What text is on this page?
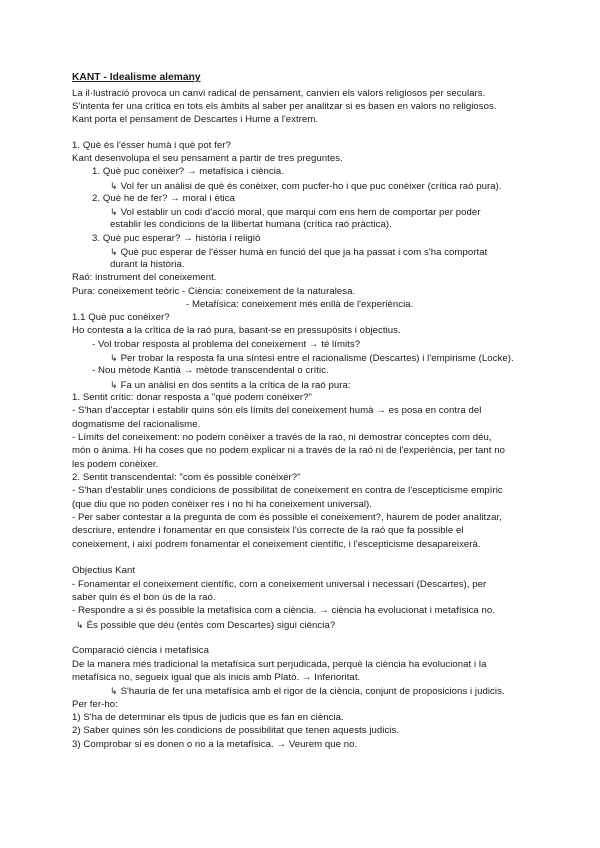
KANT - Idealisme alemany
La il·lustració provoca un canvi radical de pensament, canvien els valors religiosos per seculars.
S'intenta fer una crítica en tots els àmbits al saber per analitzar si es basen en valors no religiosos.
Kant porta el pensament de Descartes i Hume a l'extrem.
1. Què és l'ésser humà i què pot fer?
Kant desenvolupa el seu pensament a partir de tres preguntes.
1. Què puc conèixer? → metafísica i ciència.
↳ Vol fer un anàlisi de què és conèixer, com pucfer-ho i que puc conèixer (crítica raó pura).
2. Què he de fer? → moral i ètica
↳ Vol establir un codi d'acció moral, que marqui com ens hem de comportar per poder
establir les condicions de la llibertat humana (crítica raó pràctica).
3. Què puc esperar? → història i religió
↳ Què puc esperar de l'ésser humà en funció del que ja ha passat i com s'ha comportat
durant la història.
Raó: instrument del coneixement.
Pura: coneixement teòric - Ciència: coneixement de la naturalesa.
- Metafísica: coneixement més enllà de l'experiència.
1.1 Què puc conèixer?
Ho contesta a la crítica de la raó pura, basant-se en pressupòsits i objectius.
- Vol trobar resposta al problema del coneixement → té límits?
↳ Per trobar la resposta fa una síntesi entre el racionalisme (Descartes) i l'empirisme (Locke).
- Nou mètode Kantià → mètode transcendental o crític.
↳ Fa un anàlisi en dos sentits a la crítica de la raó pura:
1. Sentit crític: donar resposta a "què podem conèixer?"
- S'han d'acceptar i establir quins són els límits del coneixement humà → es posa en contra del
dogmatisme del racionalisme.
- Límits del coneixement: no podem conèixer a través de la raó, ni demostrar conceptes com déu,
món o ànima. Hi ha coses que no podem explicar ni a través de la raó ni de l'experiència, per tant no
les podem conèixer.
2. Sentit transcendental: "com és possible conèixer?"
- S'han d'establir unes condicions de possibilitat de coneixement en contra de l'escepticisme empíric
(que diu que no poden conèixer res i no hi ha coneixement universal).
- Per saber contestar a la pregunta de com és possible el coneixement?, haurem de poder analitzar,
descriure, entendre i fonamentar en que consisteix l'ús correcte de la raó que fa possible el
coneixement, i així podrem fonamentar el coneixement científic, i l'escepticisme desapareixerà.
Objectius Kant
- Fonamentar el coneixement científic, com a coneixement universal i necessari (Descartes), per
saber quin és el bon ús de la raó.
- Respondre a si és possible la metafísica com a ciència. → ciència ha evolucionat i metafísica no.
↳ És possible que déu (entès com Descartes) sigui ciència?
Comparació ciència i metafísica
De la manera més tradicional la metafísica surt perjudicada, perquè la ciència ha evolucionat i la
metafísica no, segueix igual que als inicis amb Plató. → Inferioritat.
↳ S'hauria de fer una metafísica amb el rigor de la ciència, conjunt de proposicions i judicis.
Per fer-ho:
1) S'ha de determinar els tipus de judicis que es fan en ciència.
2) Saber quines són les condicions de possibilitat que tenen aquests judicis.
3) Comprobar si es donen o no a la metafísica. → Veurem que no.
